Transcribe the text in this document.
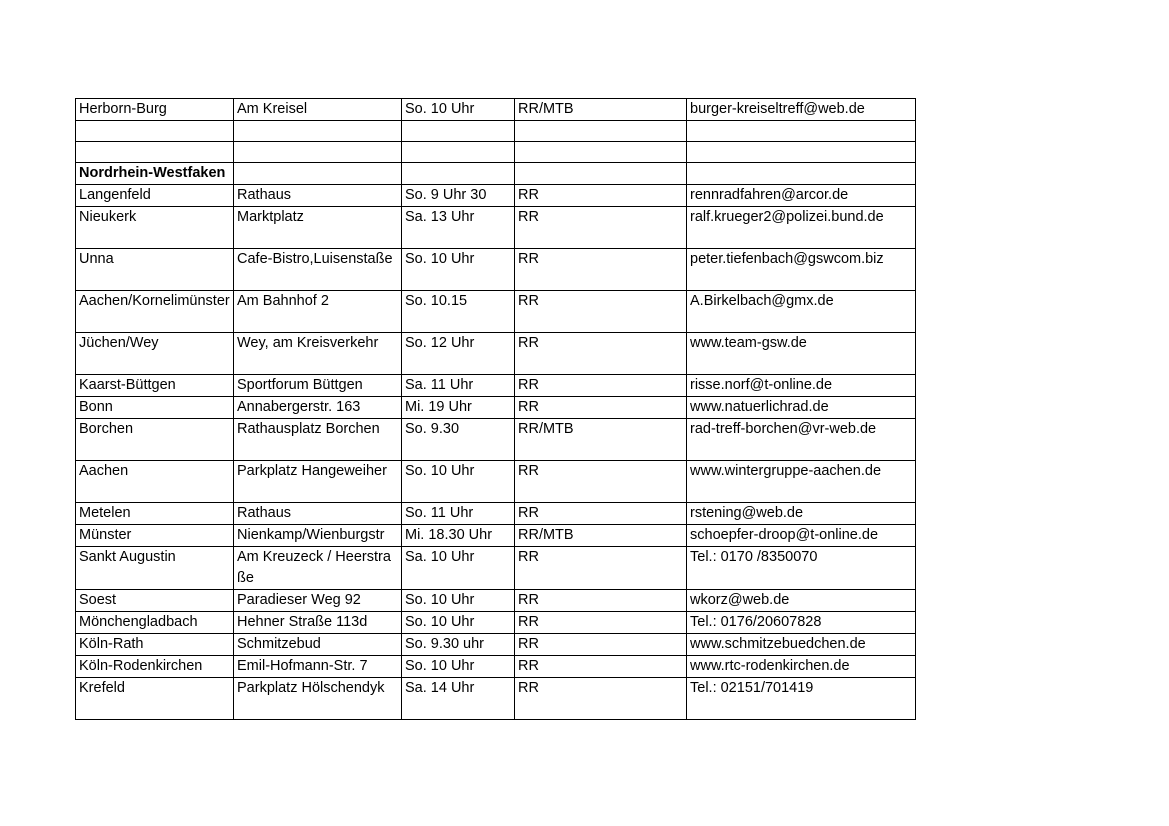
Herborn-Burg	Am Kreisel	So. 10 Uhr	RR/MTB	burger-kreiseltreff@web.de

Nordrhein-Westfaken				
Langenfeld	Rathaus	So. 9 Uhr 30	RR	rennradfahren@arcor.de
Nieukerk	Marktplatz	Sa. 13 Uhr	RR	ralf.krueger2@polizei.bund.de
Unna	Cafe-Bistro,Luisenstaße	So. 10 Uhr	RR	peter.tiefenbach@gswcom.biz
Aachen/Kornelimünster	Am Bahnhof 2	So. 10.15	RR	A.Birkelbach@gmx.de
Jüchen/Wey	Wey, am Kreisverkehr	So. 12 Uhr	RR	www.team-gsw.de
Kaarst-Büttgen	Sportforum Büttgen	Sa. 11 Uhr	RR	risse.norf@t-online.de
Bonn	Annabergerstr. 163	Mi. 19 Uhr	RR	www.natuerlichrad.de
Borchen	Rathausplatz Borchen	So. 9.30	RR/MTB	rad-treff-borchen@vr-web.de
Aachen	Parkplatz Hangeweiher	So. 10 Uhr	RR	www.wintergruppe-aachen.de
Metelen	Rathaus	So. 11 Uhr	RR	rstening@web.de
Münster	Nienkamp/Wienburgstr	Mi. 18.30 Uhr	RR/MTB	schoepfer-droop@t-online.de
Sankt Augustin	Am Kreuzeck / Heerstraße	Sa. 10 Uhr	RR	Tel.: 0170 /8350070
Soest	Paradieser Weg 92	So. 10 Uhr	RR	wkorz@web.de
Mönchengladbach	Hehner Straße 113d	So. 10 Uhr	RR	Tel.: 0176/20607828
Köln-Rath	Schmitzebud	So. 9.30 uhr	RR	www.schmitzebuedchen.de
Köln-Rodenkirchen	Emil-Hofmann-Str. 7	So. 10 Uhr	RR	www.rtc-rodenkirchen.de
Krefeld	Parkplatz Hölschendyk	Sa. 14 Uhr	RR	Tel.: 02151/701419
